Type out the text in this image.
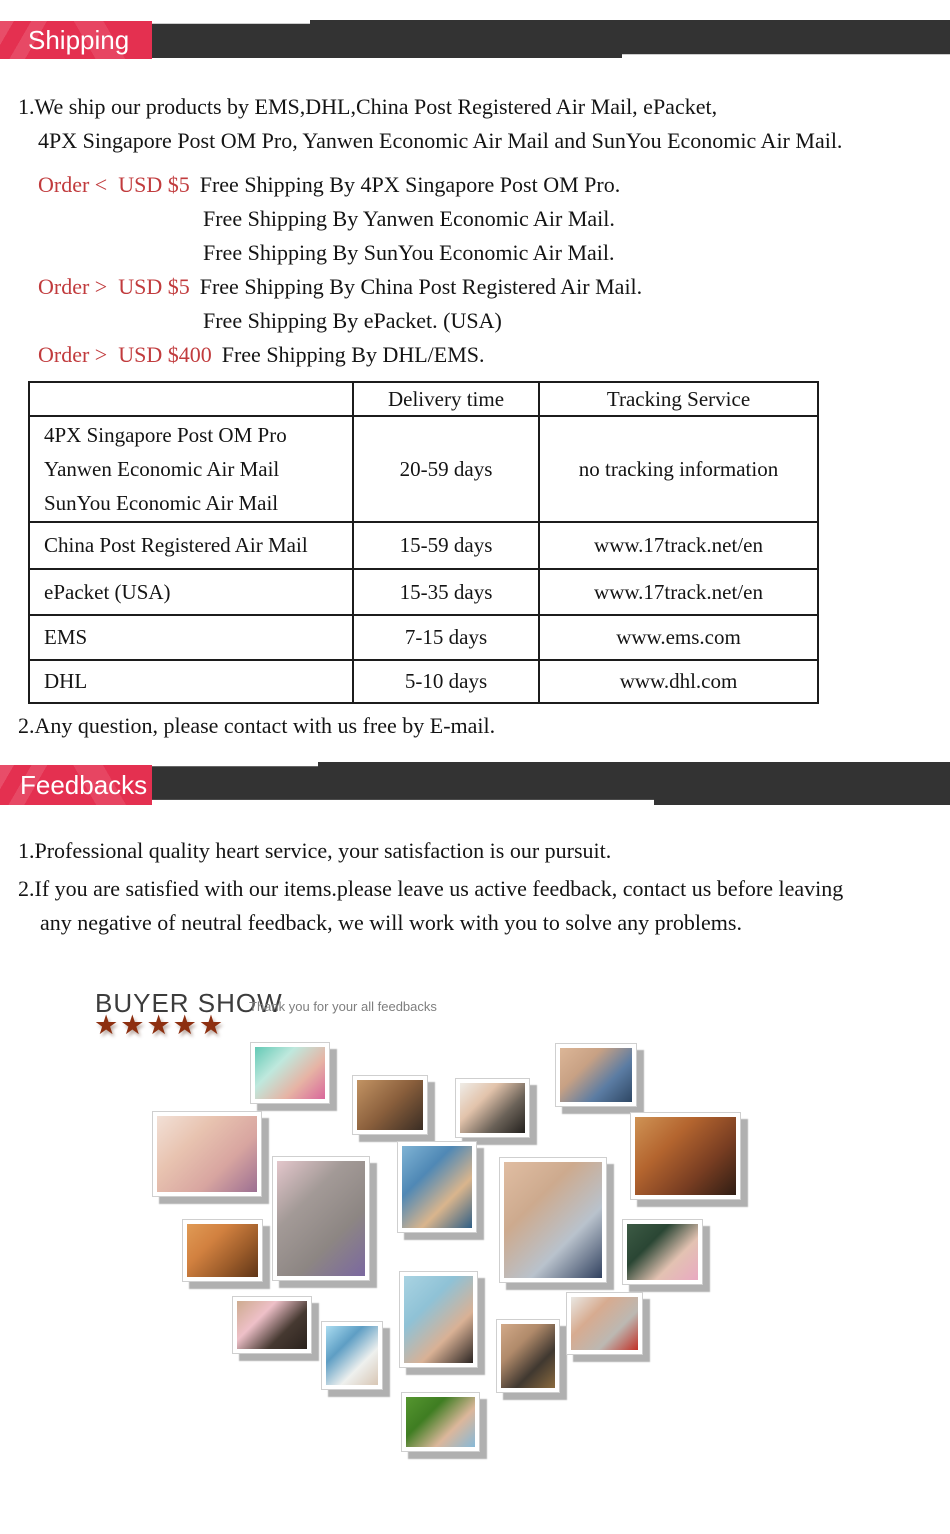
Shipping
1.We ship our products by EMS,DHL,China Post Registered Air Mail, ePacket,
4PX Singapore Post OM Pro, Yanwen Economic Air Mail and SunYou Economic Air Mail.
Order <  USD $5 Free Shipping By 4PX Singapore Post OM Pro.
Free Shipping By Yanwen Economic Air Mail.
Free Shipping By SunYou Economic Air Mail.
Order >  USD $5 Free Shipping By China Post Registered Air Mail.
Free Shipping By ePacket. (USA)
Order >  USD $400 Free Shipping By DHL/EMS.
	Delivery time	Tracking Service

4PX Singapore Post OM Pro
Yanwen Economic Air Mail
SunYou Economic Air Mail	20-59 days	no tracking information
China Post Registered Air Mail	15-59 days	www.17track.net/en
ePacket (USA)	15-35 days	www.17track.net/en
EMS	7-15 days	www.ems.com
DHL	5-10 days	www.dhl.com
2.Any question, please contact with us free by E-mail.
Feedbacks
1.Professional quality heart service, your satisfaction is our pursuit.
2.If you are satisfied with our items.please leave us active feedback, contact us before leaving
any negative of neutral feedback, we will work with you to solve any problems.
BUYER SHOW
Thank you for your all feedbacks
★★★★★
